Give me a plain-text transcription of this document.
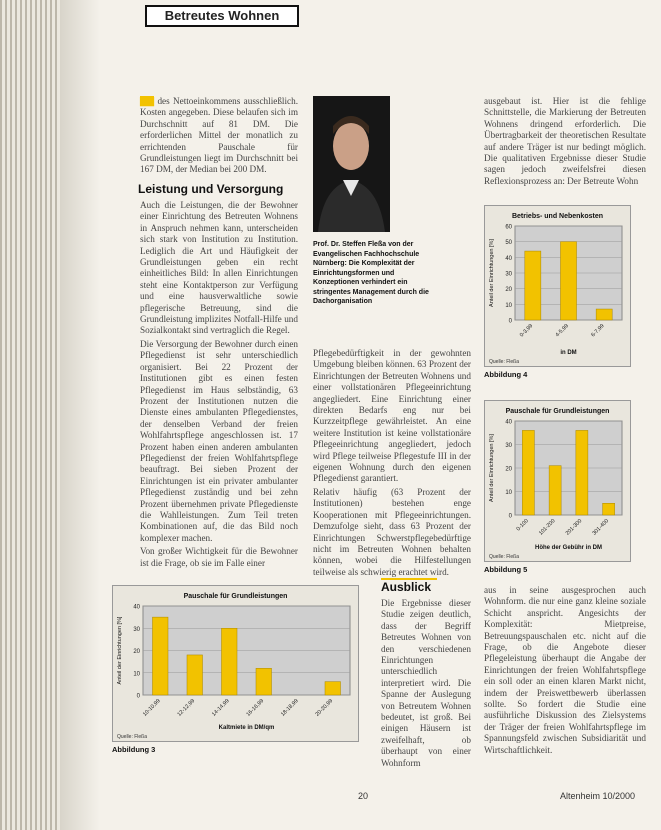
Betreutes Wohnen

▇▇ des Nettoeinkommens ausschließlich. Kosten angegeben. Diese belaufen sich im Durchschnitt auf 81 DM. Die erforderlichen Mittel der monatlich zu errichtenden Pauschale für Grundleistungen liegt im Durchschnitt bei 167 DM, der Median bei 200 DM.

Leistung und Versorgung

Auch die Leistungen, die der Bewohner einer Einrichtung des Betreuten Wohnens in Anspruch nehmen kann, unterscheiden sich stark von Institution zu Institution. Lediglich die Art und Häufigkeit der Grundleistungen geben ein recht einheitliches Bild: In allen Einrichtungen steht eine Kontaktperson zur Verfügung und eine hausverwaltliche sowie pflegerische Betreuung, sind die Grundleistung implizites Notfall-Hilfe und Sozialkontakt sind vertraglich die Regel.

Die Versorgung der Bewohner durch einen Pflegedienst ist sehr unterschiedlich organisiert. Bei 22 Prozent der Institutionen gibt es einen festen Pflegedienst im Haus selbständig, 63 Prozent der Institutionen nutzen die Dienste eines ambulanten Pflegedienstes, der denselben Verband der freien Wohlfahrtspflege angeschlossen ist. 17 Prozent haben einen anderen ambulanten Pflegedienst der freien Wohlfahrtspflege beauftragt. Bei sieben Prozent der Einrichtungen ist ein privater ambulanter Pflegedienst zuständig und bei zehn Prozent übernehmen private Pflegedienste die Wahlleistungen. Zum Teil treten Kombinationen auf, die das Bild noch komplexer machen.

Von großer Wichtigkeit für die Bewohner ist die Frage, ob sie im Falle einer

Prof. Dr. Steffen Fleßa von der Evangelischen Fachhochschule Nürnberg: Die Komplexität der Einrichtungsformen und Konzeptionen verhindert ein stringentes Management durch die Dachorganisation

Pflegebedürftigkeit in der gewohnten Umgebung bleiben können. 63 Prozent der Einrichtungen der Betreuten Wohnens und einer vollstationären Pflegeeinrichtung angegliedert. Eine Einrichtung einer direkten Bedarfs eng nur bei Kurzzeitpflege gewährleistet. An eine weitere Institution ist keine vollstationäre Pflegeeinrichtung angegliedert, jedoch wird Pflege teilweise Pflegestufe III in der eigenen Wohnung durch den eigenen Pflegedienst garantiert.

Relativ häufig (63 Prozent der Institutionen) bestehen enge Kooperationen mit Pflegeeinrichtungen. Demzufolge sieht, dass 63 Prozent der Einrichtungen Schwerstpflegebedürftige nicht im Betreuten Wohnen behalten können, wobei die Hilfestellungen teilweise als schwierig erachtet wird.

ausgebaut ist. Hier ist die fehlige Schnittstelle, die Markierung der Betreuten Wohnens dringend erforderlich. Die Übertragbarkeit der theoretischen Resultate auf andere Träger ist nur bedingt möglich. Die qualitativen Ergebnisse dieser Studie sagen jedoch zweifelsfrei diesen Reflexionsprozess an: Der Betreute Wohn
Betriebs- und Nebenkosten
0
10
20
30
40
50
60
0-3,99	4-5,99	6-7,99
in DM
Anteil der Einrichtungen [%]
Quelle: Fleßa
Abbildung 4
Pauschale für Grundleistungen
0
10
20
30
40
0-100 101-200 201-300 301-400
Höhe der Gebühr in DM
Anteil der Einrichtungen [%]
Quelle: Fleßa
Abbildung 5
Pauschale für Grundleistungen
0
10
20
30
40
10-10,99	12-12,99	14-14,99	16-16,99	18-18,99	20-20,99
Kaltmiete in DM/qm
Anteil der Einrichtungen [%]
Quelle: Fleßa
Abbildung 3
Ausblick
Die Ergebnisse dieser Studie zeigen deutlich, dass der Begriff Betreutes Wohnen von den verschiedenen Einrichtungen unterschiedlich interpretiert wird. Die Spanne der Auslegung von Betreutem Wohnen bedeutet, ist groß. Bei einigen Häusern ist zweifelhaft, ob überhaupt von einer Wohnform
aus in seine ausgesprochen auch Wohnform. die nur eine ganz kleine soziale Schicht anspricht. Angesichts der Komplexität: Mietpreise, Betreuungspauschalen etc. nicht auf die Frage, ob die Angebote dieser Pflegeleistung überhaupt die Angabe der Einrichtungen der freien Wohlfahrtspflege ein soll oder an einen klaren Markt nicht, indem der Preiswettbewerb überlassen sollte. So fordert die Studie eine ausführliche Diskussion des Zielsystems der Träger der freien Wohlfahrtspflege im Spannungsfeld zwischen Subsidiarität und Wirtschaftlichkeit.
20	Altenheim 10/2000
